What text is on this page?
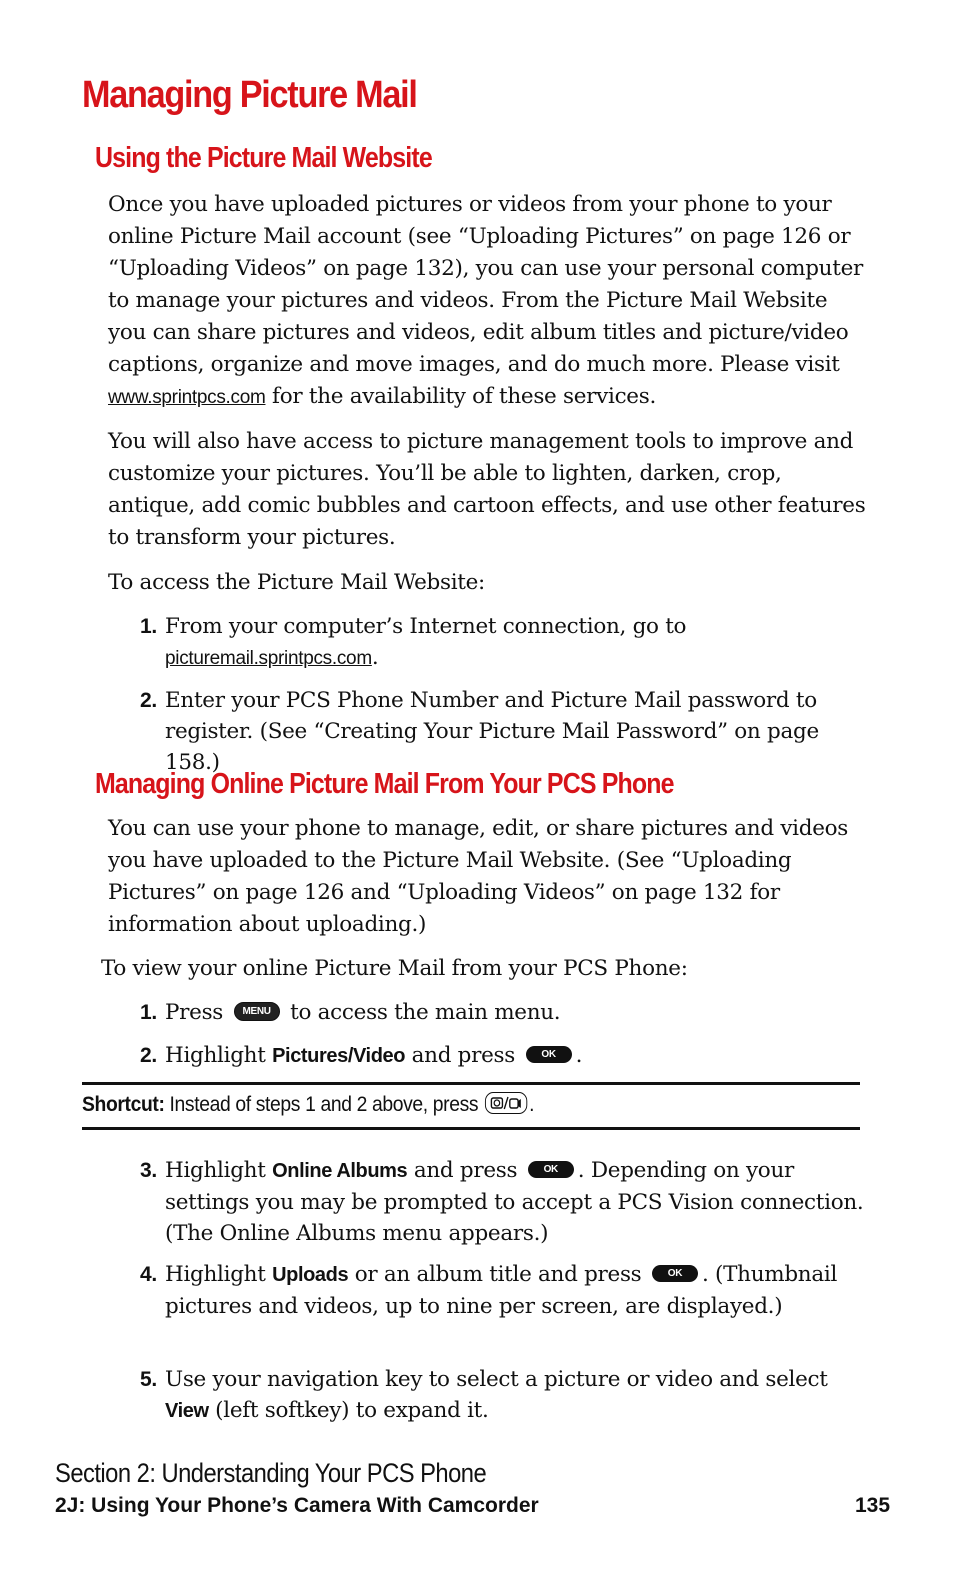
Managing Picture Mail
Using the Picture Mail Website

Once you have uploaded pictures or videos from your phone to your online Picture Mail account (see “Uploading Pictures” on page 126 or “Uploading Videos” on page 132), you can use your personal computer to manage your pictures and videos. From the Picture Mail Website you can share pictures and videos, edit album titles and picture/video captions, organize and move images, and do much more. Please visit www.sprintpcs.com for the availability of these services.

You will also have access to picture management tools to improve and customize your pictures. You’ll be able to lighten, darken, crop, antique, add comic bubbles and cartoon effects, and use other features to transform your pictures.

To access the Picture Mail Website:

1. From your computer’s Internet connection, go to
picturemail.sprintpcs.com.
2. Enter your PCS Phone Number and Picture Mail password to register. (See “Creating Your Picture Mail Password” on page 158.)
Managing Online Picture Mail From Your PCS Phone

You can use your phone to manage, edit, or share pictures and videos you have uploaded to the Picture Mail Website. (See “Uploading Pictures” on page 126 and “Uploading Videos” on page 132 for information about uploading.)

To view your online Picture Mail from your PCS Phone:

1. Press MENU to access the main menu.
2. Highlight Pictures/Video and press	OK .
Shortcut: Instead of steps 1 and 2 above, press .
3. Highlight Online Albums and press	OK . Depending on your settings you may be prompted to accept a PCS Vision connection. (The Online Albums menu appears.)
4. Highlight Uploads or an album title and press	OK . (Thumbnail pictures and videos, up to nine per screen, are displayed.)
5. Use your navigation key to select a picture or video and select View (left softkey) to expand it.
Section 2: Understanding Your PCS Phone
2J: Using Your Phone’s Camera With Camcorder	135
